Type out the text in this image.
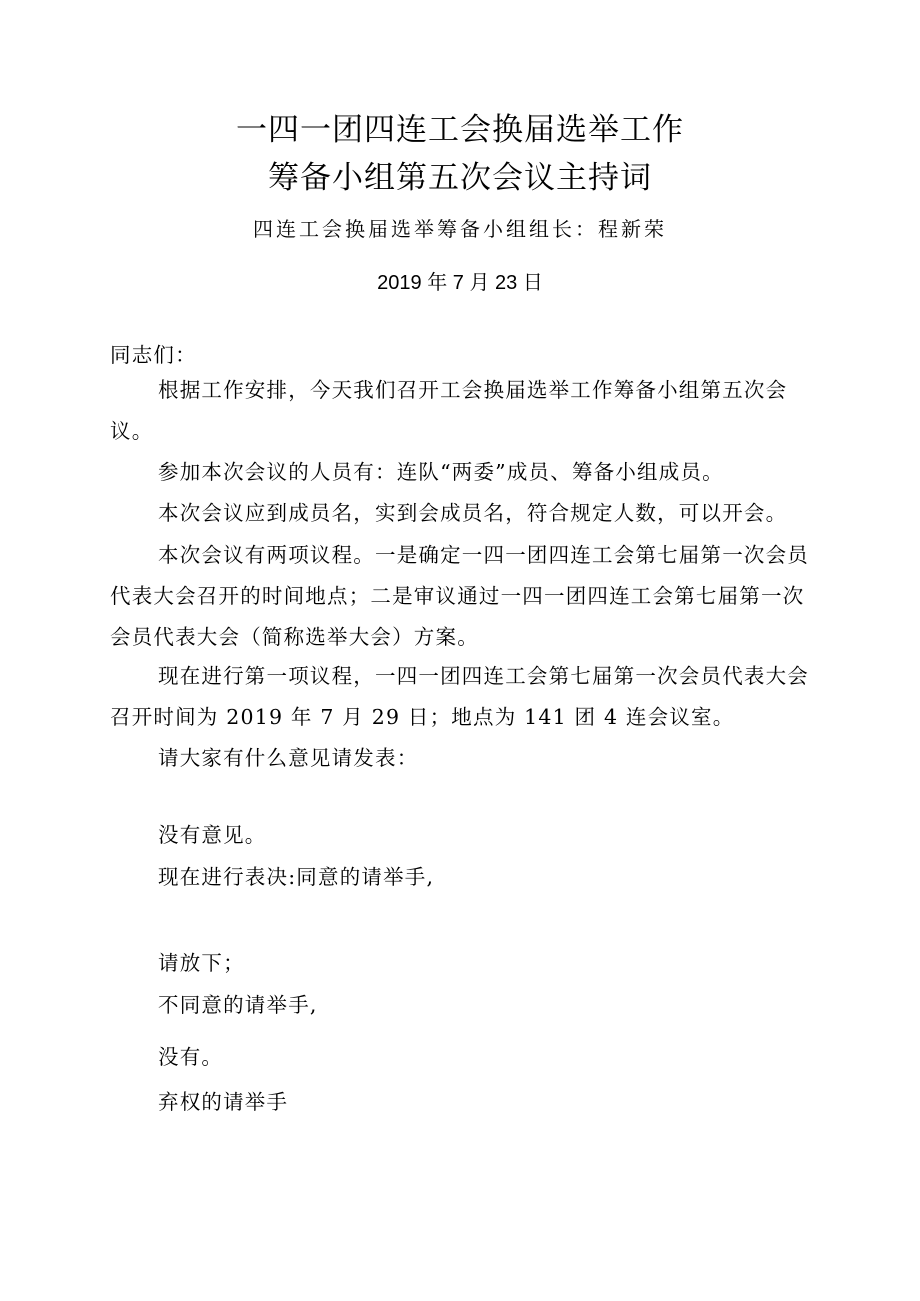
一四一团四连工会换届选举工作
筹备小组第五次会议主持词

四连工会换届选举筹备小组组长：程新荣

2019 年 7 月 23 日

同志们：

根据工作安排，今天我们召开工会换届选举工作筹备小组第五次会议。

参加本次会议的人员有：连队“两委”成员、筹备小组成员。

本次会议应到成员名，实到会成员名，符合规定人数，可以开会。

本次会议有两项议程。一是确定一四一团四连工会第七届第一次会员代表大会召开的时间地点；二是审议通过一四一团四连工会第七届第一次会员代表大会（简称选举大会）方案。

现在进行第一项议程，一四一团四连工会第七届第一次会员代表大会召开时间为 2019 年 7 月 29 日；地点为 141 团 4 连会议室。

请大家有什么意见请发表：

没有意见。

现在进行表决:同意的请举手,

请放下；

不同意的请举手,

没有。

弃权的请举手
